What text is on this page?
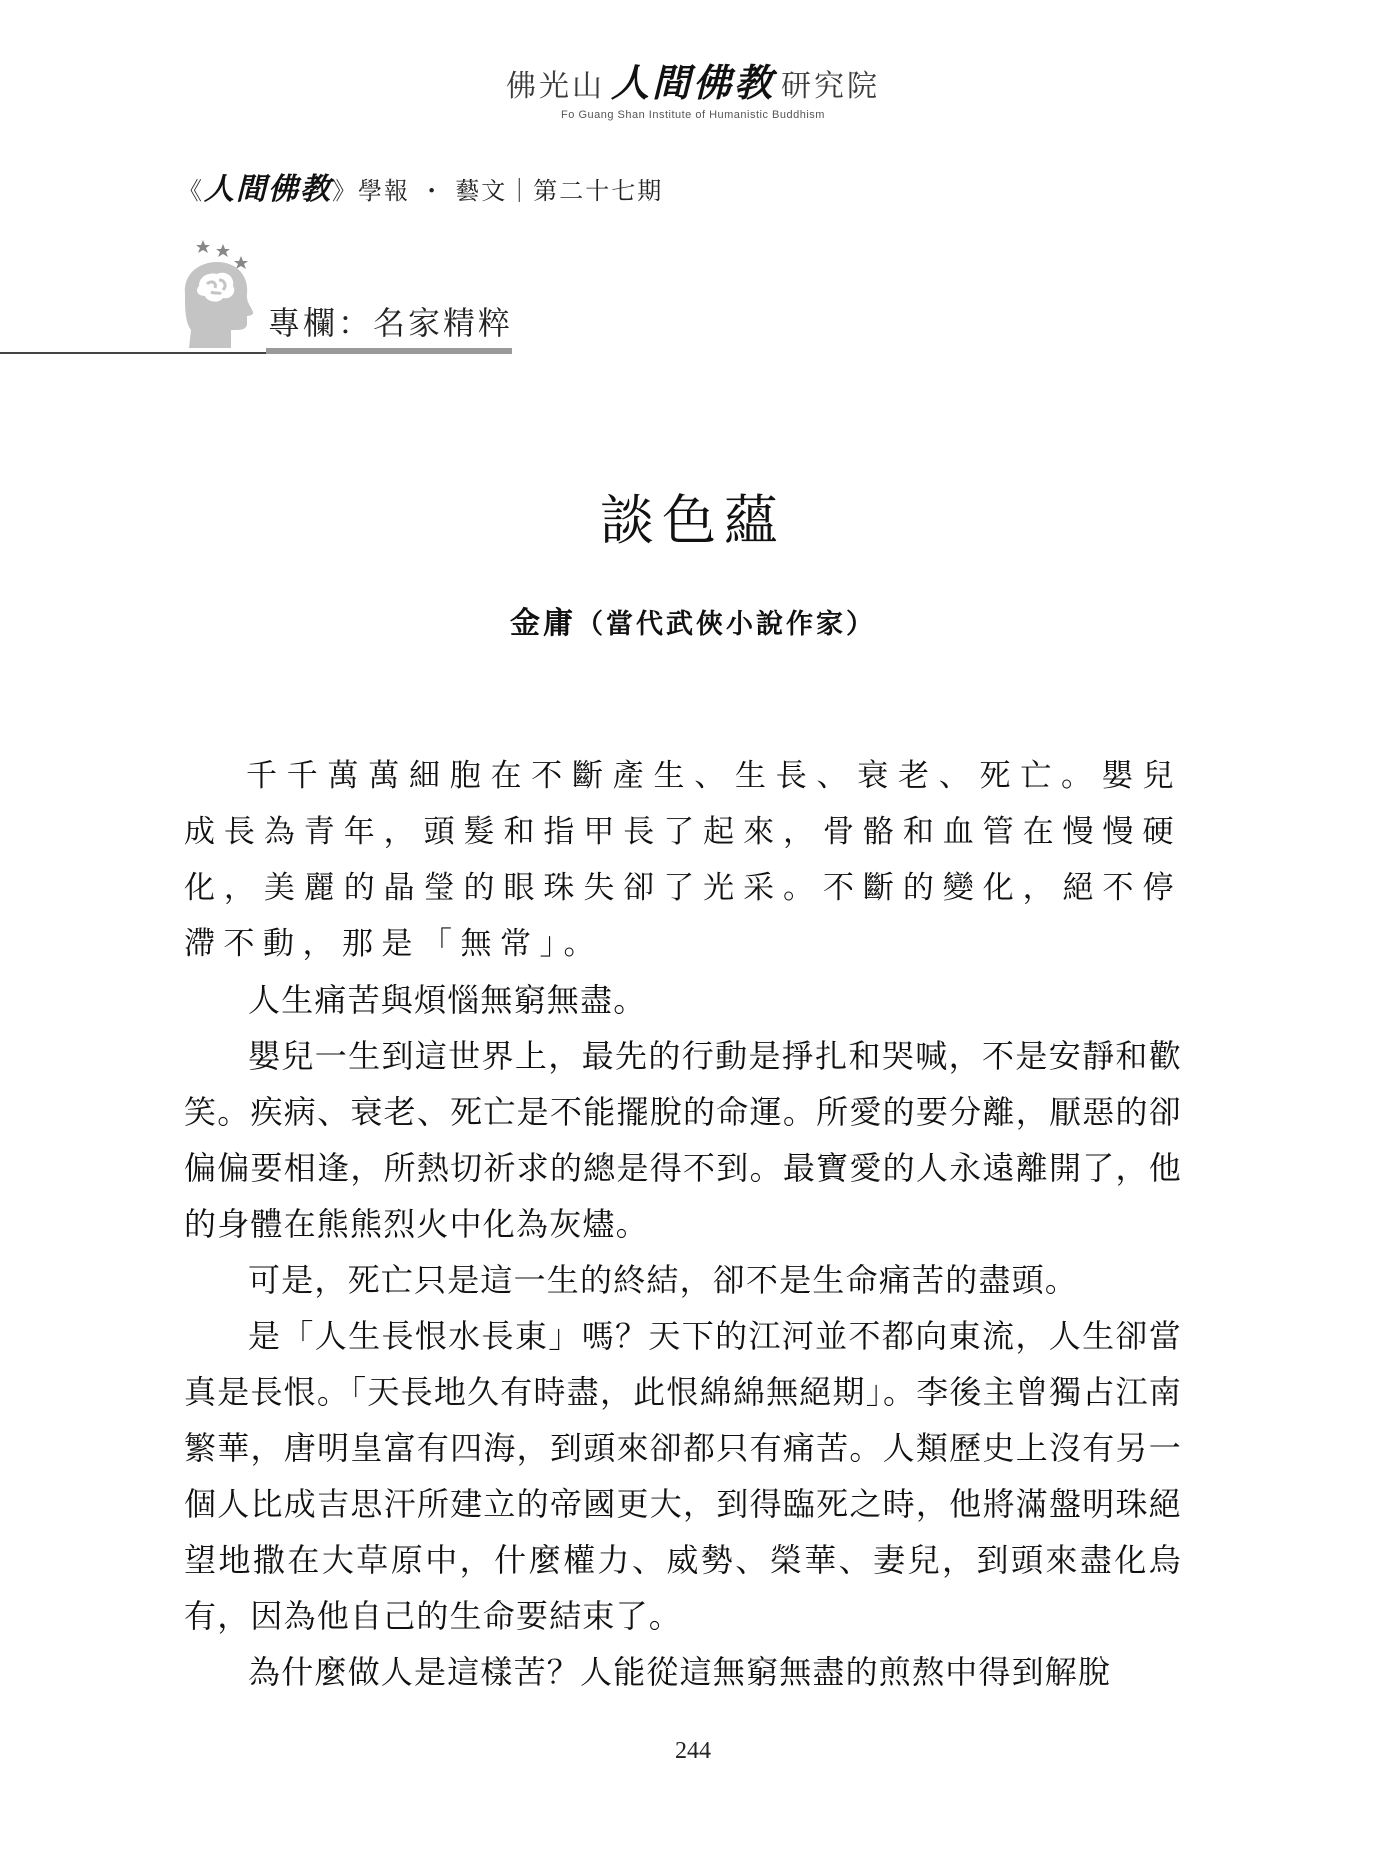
佛光山 人間佛教 研究院
Fo Guang Shan Institute of Humanistic Buddhism
《人間佛教》學報 ・ 藝文｜第二十七期
專欄：名家精粹
談色蘊
金庸（當代武俠小說作家）

千千萬萬細胞在不斷產生、生長、衰老、死亡。嬰兒成長為青年，頭髮和指甲長了起來，骨骼和血管在慢慢硬化，美麗的晶瑩的眼珠失卻了光采。不斷的變化，絕不停滯不動，那是「無常」。

人生痛苦與煩惱無窮無盡。

嬰兒一生到這世界上，最先的行動是掙扎和哭喊，不是安靜和歡笑。疾病、衰老、死亡是不能擺脫的命運。所愛的要分離，厭惡的卻偏偏要相逢，所熱切祈求的總是得不到。最寶愛的人永遠離開了，他的身體在熊熊烈火中化為灰燼。

可是，死亡只是這一生的終結，卻不是生命痛苦的盡頭。

是「人生長恨水長東」嗎？天下的江河並不都向東流，人生卻當真是長恨。「天長地久有時盡，此恨綿綿無絕期」。李後主曾獨占江南繁華，唐明皇富有四海，到頭來卻都只有痛苦。人類歷史上沒有另一個人比成吉思汗所建立的帝國更大，到得臨死之時，他將滿盤明珠絕望地撒在大草原中，什麼權力、威勢、榮華、妻兒，到頭來盡化烏有，因為他自己的生命要結束了。

為什麼做人是這樣苦？人能從這無窮無盡的煎熬中得到解脫

244
